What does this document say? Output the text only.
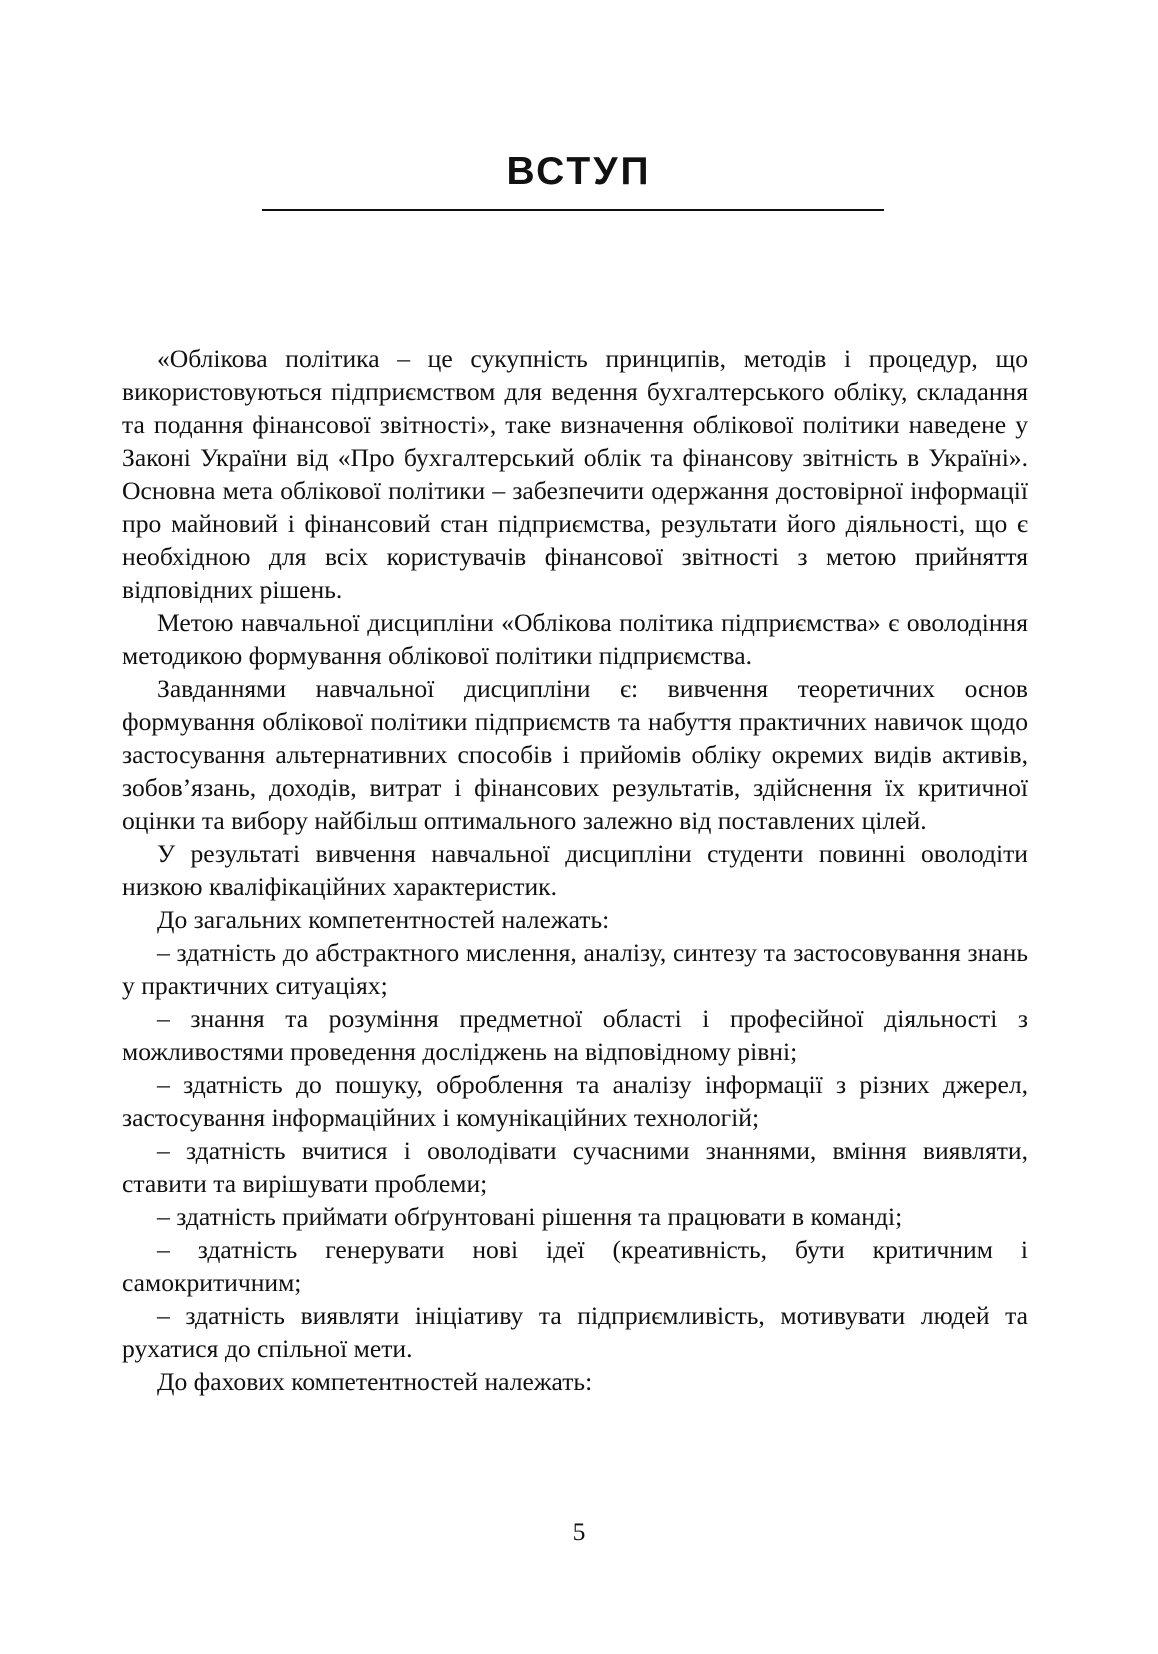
ВСТУП

«Облікова політика – це сукупність принципів, методів і процедур, що використовуються підприємством для ведення бухгалтерського обліку, складання та подання фінансової звітності», таке визначення облікової політики наведене у Законі України від «Про бухгалтерський облік та фінансову звітність в Україні». Основна мета облікової політики – забезпечити одержання достовірної інформації про майновий і фінансовий стан підприємства, результати його діяльності, що є необхідною для всіх користувачів фінансової звітності з метою прийняття відповідних рішень.

Метою навчальної дисципліни «Облікова політика підприємства» є оволодіння методикою формування облікової політики підприємства.

Завданнями навчальної дисципліни є: вивчення теоретичних основ формування облікової політики підприємств та набуття практичних навичок щодо застосування альтернативних способів і прийомів обліку окремих видів активів, зобов’язань, доходів, витрат і фінансових результатів, здійснення їх критичної оцінки та вибору найбільш оптимального залежно від поставлених цілей.

У результаті вивчення навчальної дисципліни студенти повинні оволодіти низкою кваліфікаційних характеристик.

До загальних компетентностей належать:

– здатність до абстрактного мислення, аналізу, синтезу та застосовування знань у практичних ситуаціях;

– знання та розуміння предметної області і професійної діяльності з можливостями проведення досліджень на відповідному рівні;

– здатність до пошуку, оброблення та аналізу інформації з різних джерел, застосування інформаційних і комунікаційних технологій;

– здатність вчитися і оволодівати сучасними знаннями, вміння виявляти, ставити та вирішувати проблеми;

– здатність приймати обґрунтовані рішення та працювати в команді;

– здатність генерувати нові ідеї (креативність, бути критичним і самокритичним;

– здатність виявляти ініціативу та підприємливість, мотивувати людей та рухатися до спільної мети.

До фахових компетентностей належать:

5
